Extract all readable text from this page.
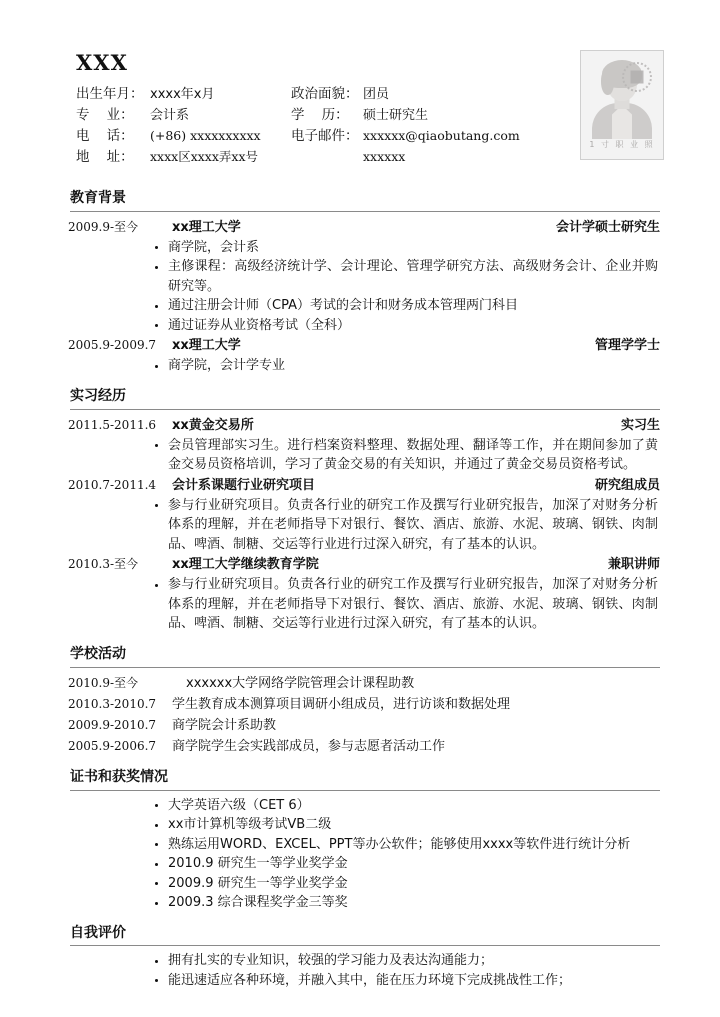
XXX
出生年月： xxxx年x月	政治面貌： 团员
专    业：	会计系	学    历：	硕士研究生
电    话：	(+86) xxxxxxxxxx 电子邮件： xxxxxx@qiaobutang.com
地    址：	xxxx区xxxx弄xx号	xxxxxx
1 寸 职 业 照
教育背景
2009.9-至今	xx理工大学	会计学硕士研究生
商学院，会计系
主修课程：高级经济统计学、会计理论、管理学研究方法、高级财务会计、企业并购研究等。
通过注册会计师（CPA）考试的会计和财务成本管理两门科目
通过证券从业资格考试（全科）
2005.9-2009.7	xx理工大学	管理学学士
商学院，会计学专业
实习经历
2011.5-2011.6	xx黄金交易所	实习生
会员管理部实习生。进行档案资料整理、数据处理、翻译等工作，并在期间参加了黄金交易员资格培训，学习了黄金交易的有关知识，并通过了黄金交易员资格考试。
2010.7-2011.4	会计系课题行业研究项目	研究组成员
参与行业研究项目。负责各行业的研究工作及撰写行业研究报告，加深了对财务分析体系的理解，并在老师指导下对银行、餐饮、酒店、旅游、水泥、玻璃、钢铁、肉制品、啤酒、制糖、交运等行业进行过深入研究，有了基本的认识。
2010.3-至今	xx理工大学继续教育学院	兼职讲师
参与行业研究项目。负责各行业的研究工作及撰写行业研究报告，加深了对财务分析体系的理解，并在老师指导下对银行、餐饮、酒店、旅游、水泥、玻璃、钢铁、肉制品、啤酒、制糖、交运等行业进行过深入研究，有了基本的认识。
学校活动
2010.9-至今	xxxxxx大学网络学院管理会计课程助教
2010.3-2010.7	学生教育成本测算项目调研小组成员，进行访谈和数据处理
2009.9-2010.7	商学院会计系助教
2005.9-2006.7	商学院学生会实践部成员，参与志愿者活动工作
证书和获奖情况
大学英语六级（CET 6）
xx市计算机等级考试VB二级
熟练运用WORD、EXCEL、PPT等办公软件；能够使用xxxx等软件进行统计分析
2010.9 研究生一等学业奖学金
2009.9 研究生一等学业奖学金
2009.3 综合课程奖学金三等奖
自我评价
拥有扎实的专业知识，较强的学习能力及表达沟通能力；
能迅速适应各种环境，并融入其中，能在压力环境下完成挑战性工作；
